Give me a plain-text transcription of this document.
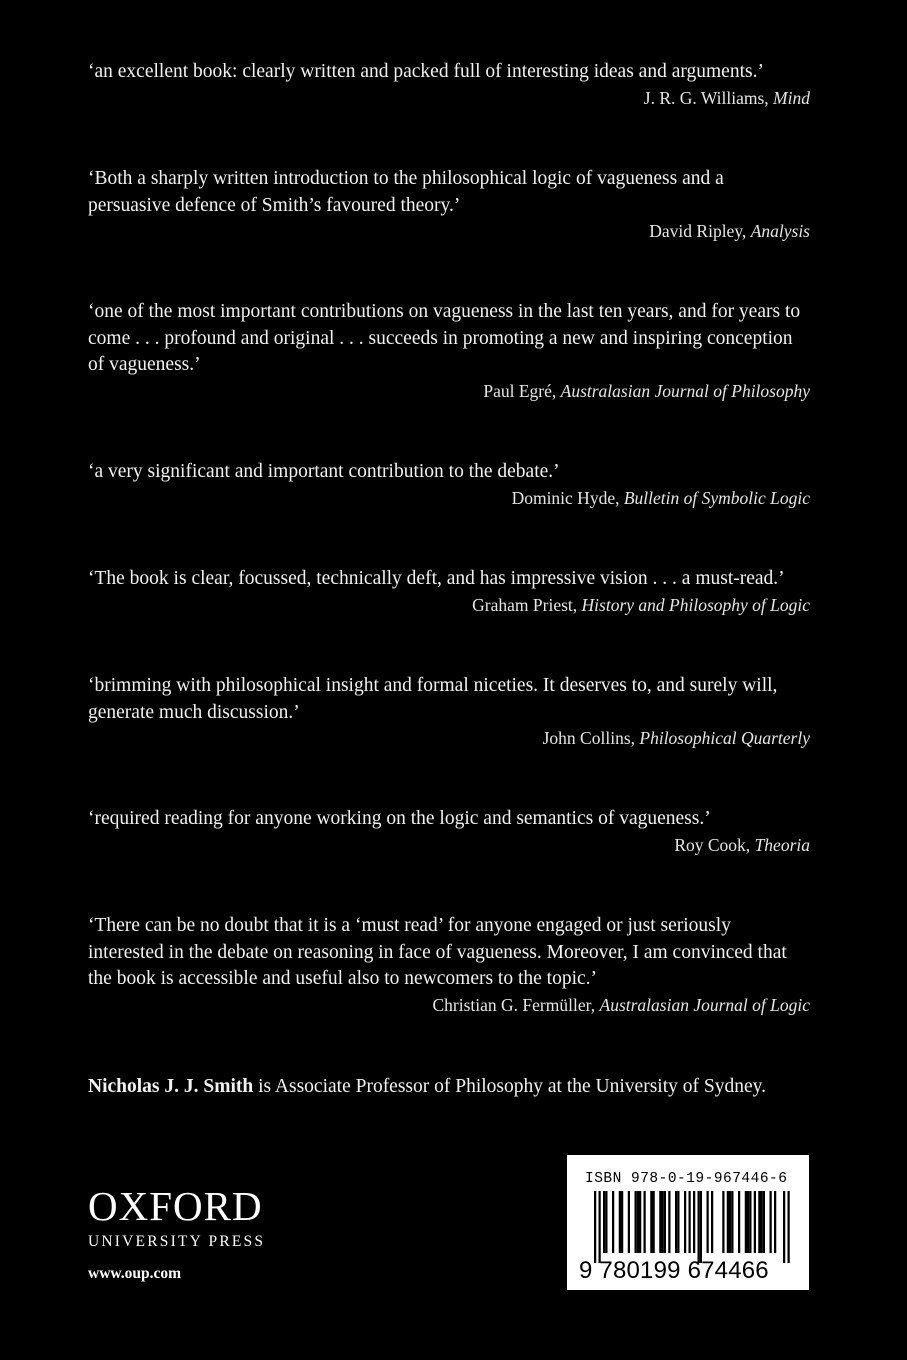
‘an excellent book: clearly written and packed full of interesting ideas and arguments.’

J. R. G. Williams, Mind

‘Both a sharply written introduction to the philosophical logic of vagueness and a persuasive defence of Smith’s favoured theory.’

David Ripley, Analysis

‘one of the most important contributions on vagueness in the last ten years, and for years to come . . . profound and original . . . succeeds in promoting a new and inspiring conception of vagueness.’

Paul Egré, Australasian Journal of Philosophy

‘a very significant and important contribution to the debate.’

Dominic Hyde, Bulletin of Symbolic Logic

‘The book is clear, focussed, technically deft, and has impressive vision . . . a must-read.’

Graham Priest, History and Philosophy of Logic

‘brimming with philosophical insight and formal niceties. It deserves to, and surely will, generate much discussion.’

John Collins, Philosophical Quarterly

‘required reading for anyone working on the logic and semantics of vagueness.’

Roy Cook, Theoria

‘There can be no doubt that it is a ‘must read’ for anyone engaged or just seriously interested in the debate on reasoning in face of vagueness. Moreover, I am convinced that the book is accessible and useful also to newcomers to the topic.’

Christian G. Fermüller, Australasian Journal of Logic

Nicholas J. J. Smith is Associate Professor of Philosophy at the University of Sydney.

OXFORD
UNIVERSITY PRESS
www.oup.com
ISBN 978-0-19-967446-6
9 780199 674466
